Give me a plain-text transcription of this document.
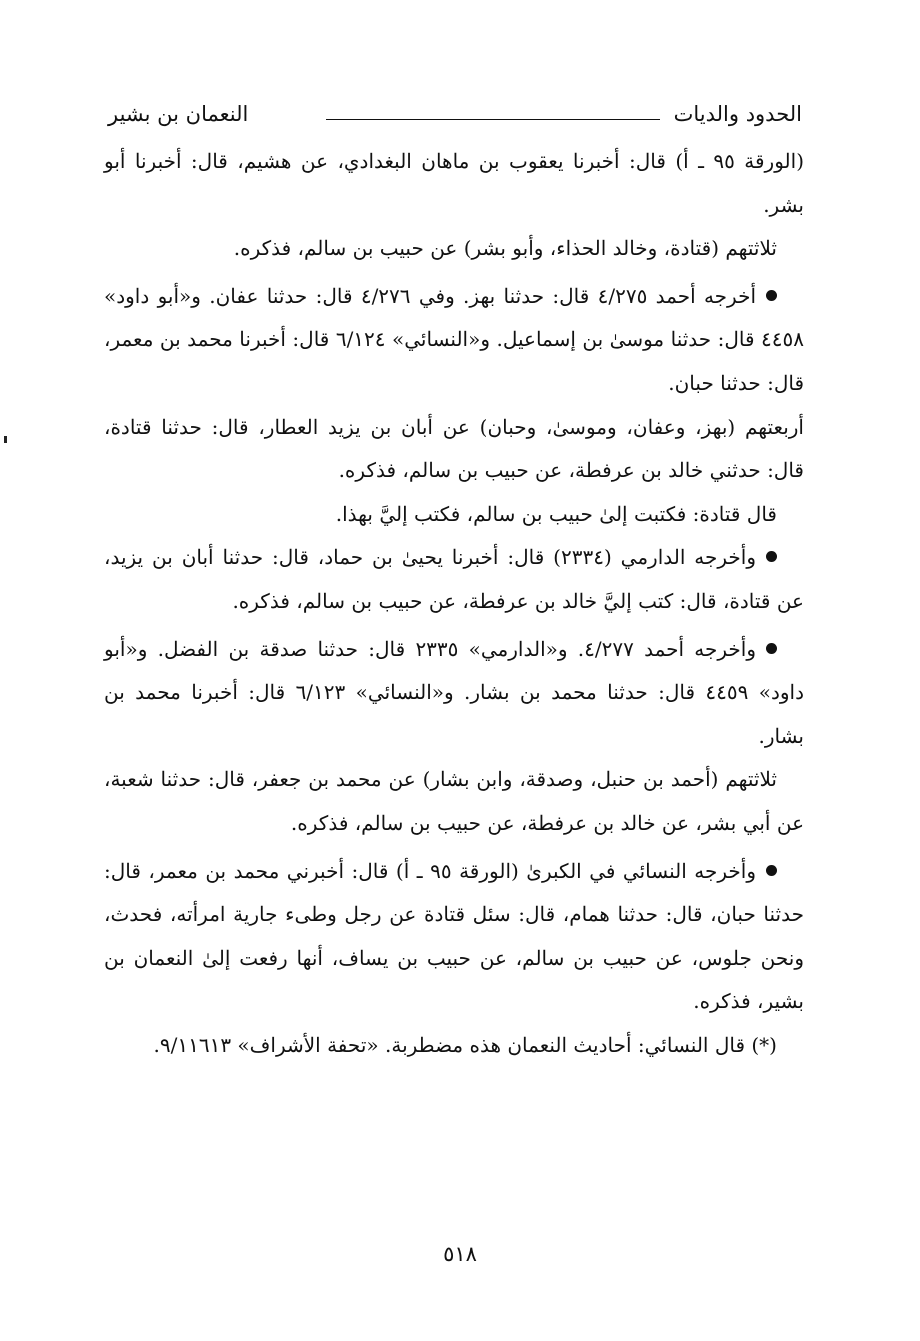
الحدود والديات
النعمان بن بشير

(الورقة ٩٥ ـ أ) قال: أخبرنا يعقوب بن ماهان البغدادي، عن هشيم، قال: أخبرنا أبو بشر.

ثلاثتهم (قتادة، وخالد الحذاء، وأبو بشر) عن حبيب بن سالم، فذكره.

أخرجه أحمد ٤/٢٧٥ قال: حدثنا بهز. وفي ٤/٢٧٦ قال: حدثنا عفان. و«أبو داود» ٤٤٥٨ قال: حدثنا موسىٰ بن إسماعيل. و«النسائي» ٦/١٢٤ قال: أخبرنا محمد بن معمر، قال: حدثنا حبان.

أربعتهم (بهز، وعفان، وموسىٰ، وحبان) عن أبان بن يزيد العطار، قال: حدثنا قتادة، قال: حدثني خالد بن عرفطة، عن حبيب بن سالم، فذكره.

قال قتادة: فكتبت إلىٰ حبيب بن سالم، فكتب إليَّ بهذا.

وأخرجه الدارمي (٢٣٣٤) قال: أخبرنا يحيىٰ بن حماد، قال: حدثنا أبان بن يزيد، عن قتادة، قال: كتب إليَّ خالد بن عرفطة، عن حبيب بن سالم، فذكره.

وأخرجه أحمد ٤/٢٧٧. و«الدارمي» ٢٣٣٥ قال: حدثنا صدقة بن الفضل. و«أبو داود» ٤٤٥٩ قال: حدثنا محمد بن بشار. و«النسائي» ٦/١٢٣ قال: أخبرنا محمد بن بشار.

ثلاثتهم (أحمد بن حنبل، وصدقة، وابن بشار) عن محمد بن جعفر، قال: حدثنا شعبة، عن أبي بشر، عن خالد بن عرفطة، عن حبيب بن سالم، فذكره.

وأخرجه النسائي في الكبرىٰ (الورقة ٩٥ ـ أ) قال: أخبرني محمد بن معمر، قال: حدثنا حبان، قال: حدثنا همام، قال: سئل قتادة عن رجل وطىء جارية امرأته، فحدث، ونحن جلوس، عن حبيب بن سالم، عن حبيب بن يساف، أنها رفعت إلىٰ النعمان بن بشير، فذكره.

(*) قال النسائي: أحاديث النعمان هذه مضطربة. «تحفة الأشراف» ٩/١١٦١٣.

٥١٨
